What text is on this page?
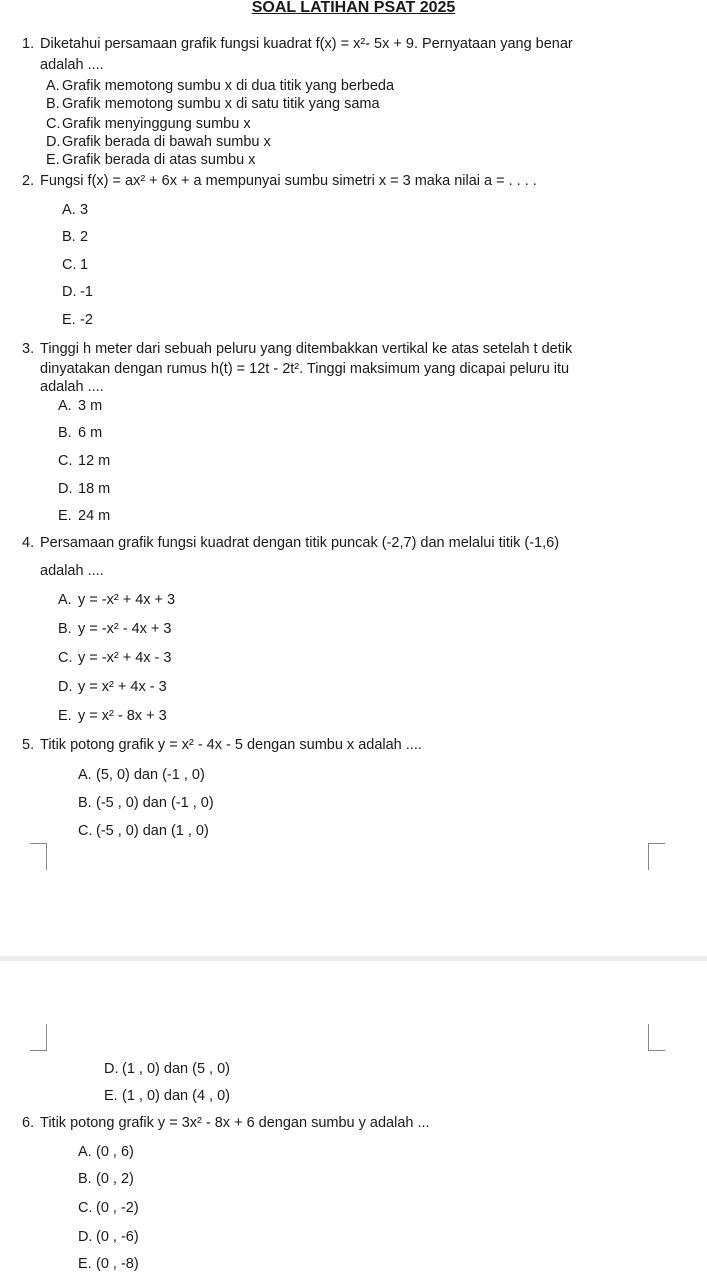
SOAL LATIHAN PSAT 2025
1. Diketahui persamaan grafik fungsi kuadrat f(x) = x²- 5x + 9. Pernyataan yang benar
adalah ....
A. Grafik memotong sumbu x di dua titik yang berbeda
B. Grafik memotong sumbu x di satu titik yang sama
C. Grafik menyinggung sumbu x
D. Grafik berada di bawah sumbu x
E. Grafik berada di atas sumbu x
2. Fungsi f(x) = ax² + 6x + a mempunyai sumbu simetri x = 3 maka nilai a = . . . .
A. 3
B. 2
C. 1
D. -1
E. -2
3. Tinggi h meter dari sebuah peluru yang ditembakkan vertikal ke atas setelah t detik
dinyatakan dengan rumus h(t) = 12t - 2t². Tinggi maksimum yang dicapai peluru itu
adalah ....
A. 3 m
B. 6 m
C. 12 m
D. 18 m
E. 24 m
4. Persamaan grafik fungsi kuadrat dengan titik puncak (-2,7) dan melalui titik (-1,6)
adalah ....
A. y = -x² + 4x + 3
B. y = -x² - 4x + 3
C. y = -x² + 4x - 3
D. y = x² + 4x - 3
E. y = x² - 8x + 3
5. Titik potong grafik y = x² - 4x - 5 dengan sumbu x adalah ....
A. (5, 0) dan (-1 , 0)
B. (-5 , 0) dan (-1 , 0)
C. (-5 , 0) dan (1 , 0)
D. (1 , 0) dan (5 , 0)
E. (1 , 0) dan (4 , 0)
6. Titik potong grafik y = 3x² - 8x + 6 dengan sumbu y adalah ...
A. (0 , 6)
B. (0 , 2)
C. (0 , -2)
D. (0 , -6)
E. (0 , -8)
